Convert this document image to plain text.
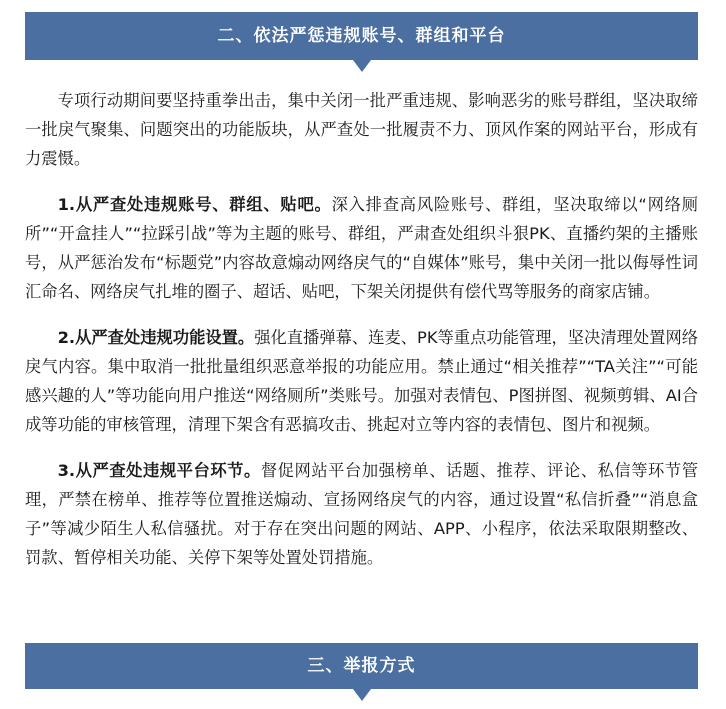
二、依法严惩违规账号、群组和平台

专项行动期间要坚持重拳出击，集中关闭一批严重违规、影响恶劣的账号群组，坚决取缔一批戾气聚集、问题突出的功能版块，从严查处一批履责不力、顶风作案的网站平台，形成有力震慑。

1.从严查处违规账号、群组、贴吧。深入排查高风险账号、群组，坚决取缔以“网络厕所”“开盒挂人”“拉踩引战”等为主题的账号、群组，严肃查处组织斗狠PK、直播约架的主播账号，从严惩治发布“标题党”内容故意煽动网络戾气的“自媒体”账号，集中关闭一批以侮辱性词汇命名、网络戾气扎堆的圈子、超话、贴吧，下架关闭提供有偿代骂等服务的商家店铺。

2.从严查处违规功能设置。强化直播弹幕、连麦、PK等重点功能管理，坚决清理处置网络戾气内容。集中取消一批批量组织恶意举报的功能应用。禁止通过“相关推荐”“TA关注”“可能感兴趣的人”等功能向用户推送“网络厕所”类账号。加强对表情包、P图拼图、视频剪辑、AI合成等功能的审核管理，清理下架含有恶搞攻击、挑起对立等内容的表情包、图片和视频。

3.从严查处违规平台环节。督促网站平台加强榜单、话题、推荐、评论、私信等环节管理，严禁在榜单、推荐等位置推送煽动、宣扬网络戾气的内容，通过设置“私信折叠”“消息盒子”等减少陌生人私信骚扰。对于存在突出问题的网站、APP、小程序，依法采取限期整改、罚款、暂停相关功能、关停下架等处置处罚措施。

三、举报方式
